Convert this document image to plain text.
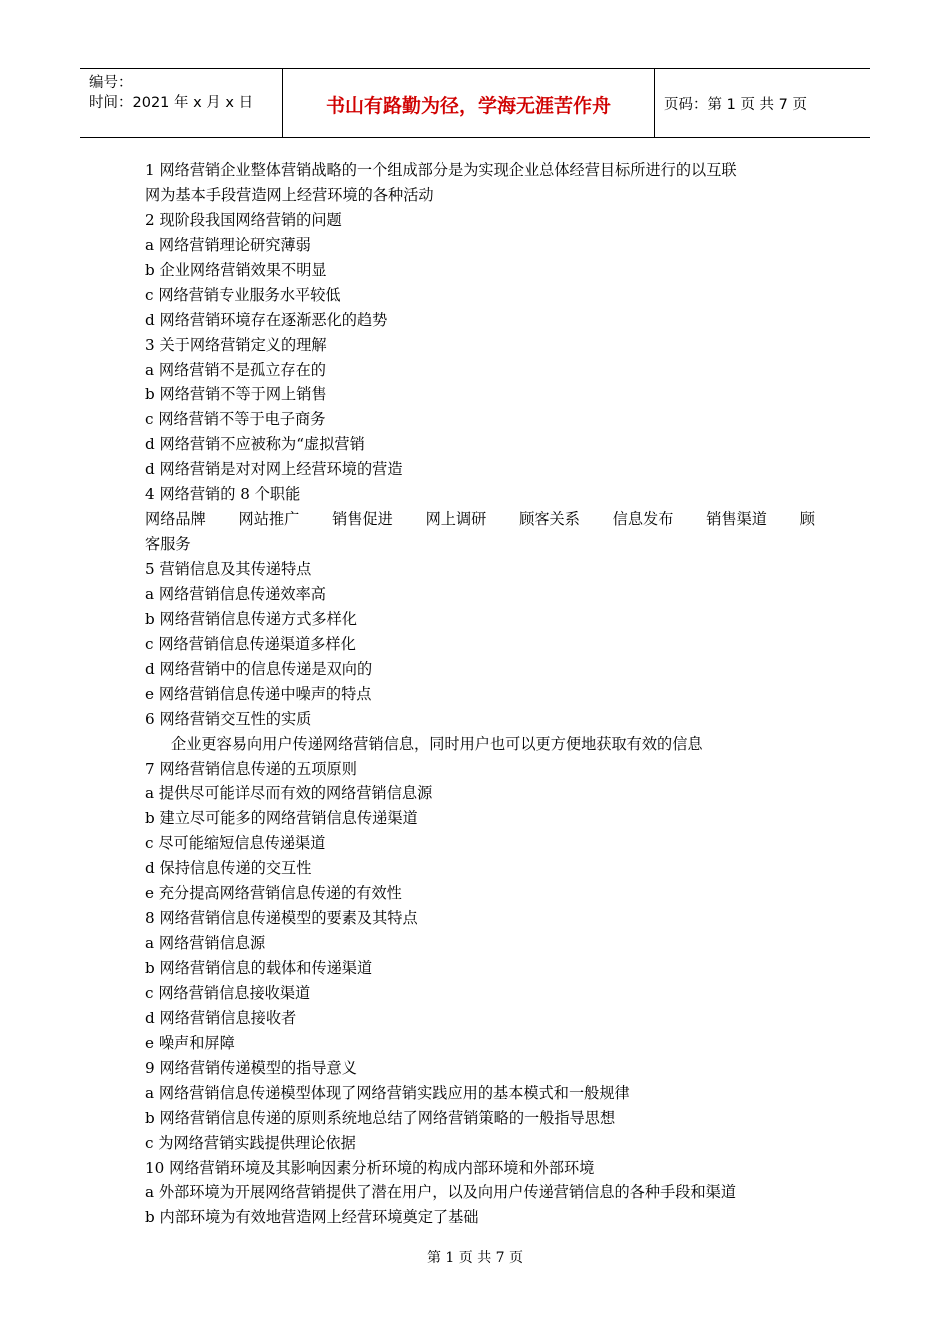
编号：
时间：2021 年 x 月 x 日	书山有路勤为径，学海无涯苦作舟	页码：第 1 页 共 7 页
1 网络营销企业整体营销战略的一个组成部分是为实现企业总体经营目标所进行的以互联
网为基本手段营造网上经营环境的各种活动
2 现阶段我国网络营销的问题
a 网络营销理论研究薄弱
b 企业网络营销效果不明显
c 网络营销专业服务水平较低
d 网络营销环境存在逐渐恶化的趋势
3 关于网络营销定义的理解
a 网络营销不是孤立存在的
b 网络营销不等于网上销售
c 网络营销不等于电子商务
d 网络营销不应被称为“虚拟营销
d 网络营销是对对网上经营环境的营造
4 网络营销的 8 个职能
网络品牌 网站推广 销售促进 网上调研 顾客关系 信息发布 销售渠道 顾
客服务
5 营销信息及其传递特点
a 网络营销信息传递效率高
b 网络营销信息传递方式多样化
c 网络营销信息传递渠道多样化
d 网络营销中的信息传递是双向的
e 网络营销信息传递中噪声的特点
6 网络营销交互性的实质
企业更容易向用户传递网络营销信息，同时用户也可以更方便地获取有效的信息
7 网络营销信息传递的五项原则
a 提供尽可能详尽而有效的网络营销信息源
b 建立尽可能多的网络营销信息传递渠道
c 尽可能缩短信息传递渠道
d 保持信息传递的交互性
e 充分提高网络营销信息传递的有效性
8 网络营销信息传递模型的要素及其特点
a 网络营销信息源
b 网络营销信息的载体和传递渠道
c 网络营销信息接收渠道
d 网络营销信息接收者
e 噪声和屏障
9 网络营销传递模型的指导意义
a 网络营销信息传递模型体现了网络营销实践应用的基本模式和一般规律
b 网络营销信息传递的原则系统地总结了网络营销策略的一般指导思想
c 为网络营销实践提供理论依据
10 网络营销环境及其影响因素分析环境的构成内部环境和外部环境
a 外部环境为开展网络营销提供了潜在用户，以及向用户传递营销信息的各种手段和渠道
b 内部环境为有效地营造网上经营环境奠定了基础
第 1 页 共 7 页
